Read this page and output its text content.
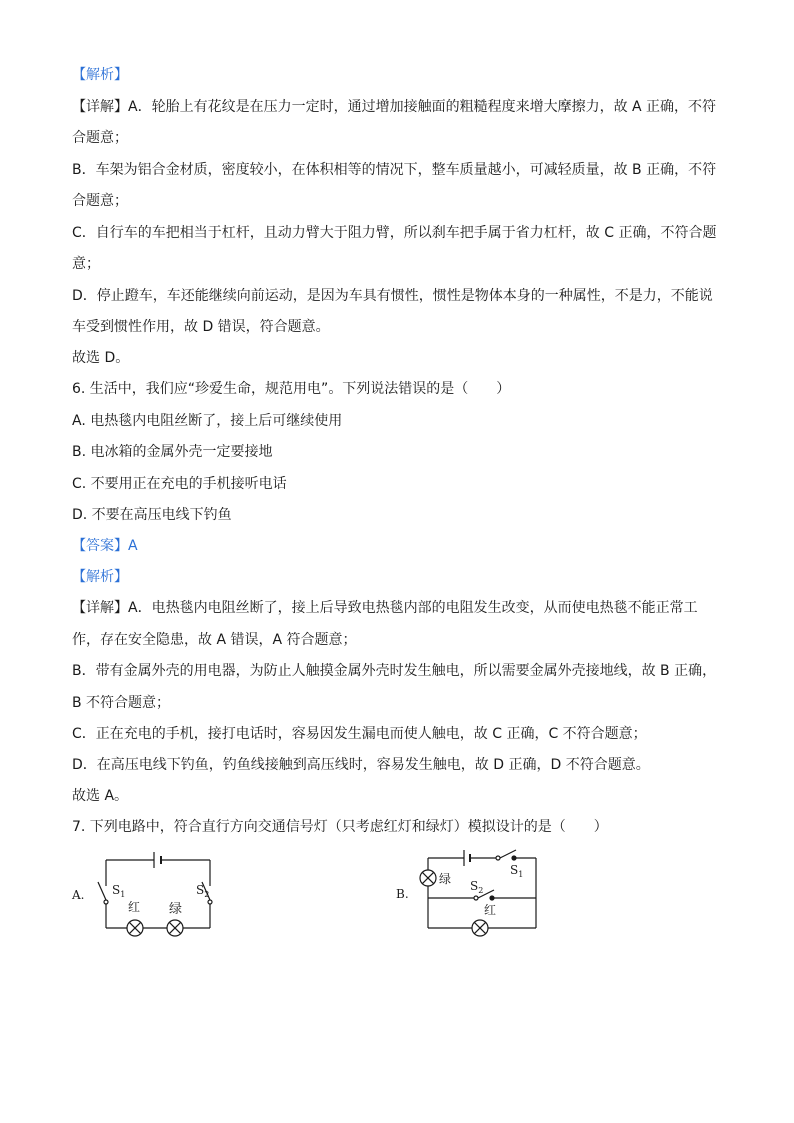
【解析】
【详解】A．轮胎上有花纹是在压力一定时，通过增加接触面的粗糙程度来增大摩擦力，故 A 正确，不符
合题意；
B．车架为铝合金材质，密度较小，在体积相等的情况下，整车质量越小，可减轻质量，故 B 正确，不符
合题意；
C．自行车的车把相当于杠杆，且动力臂大于阻力臂，所以刹车把手属于省力杠杆，故 C 正确，不符合题
意；
D．停止蹬车，车还能继续向前运动，是因为车具有惯性，惯性是物体本身的一种属性，不是力，不能说
车受到惯性作用，故 D 错误，符合题意。
故选 D。
6. 生活中，我们应“珍爱生命，规范用电”。下列说法错误的是（　　）
A. 电热毯内电阻丝断了，接上后可继续使用
B. 电冰箱的金属外壳一定要接地
C. 不要用正在充电的手机接听电话
D. 不要在高压电线下钓鱼
【答案】A
【解析】
【详解】A．电热毯内电阻丝断了，接上后导致电热毯内部的电阻发生改变，从而使电热毯不能正常工
作，存在安全隐患，故 A 错误，A 符合题意；
B．带有金属外壳的用电器，为防止人触摸金属外壳时发生触电，所以需要金属外壳接地线，故 B 正确，
B 不符合题意；
C．正在充电的手机，接打电话时，容易因发生漏电而使人触电，故 C 正确，C 不符合题意；
D．在高压电线下钓鱼，钓鱼线接触到高压线时，容易发生触电，故 D 正确，D 不符合题意。
故选 A。
7. 下列电路中，符合直行方向交通信号灯（只考虑红灯和绿灯）模拟设计的是（　　）
A. $S_1$	$S_2$
红 绿
B.
$S_1$
$S_2$
绿
红
